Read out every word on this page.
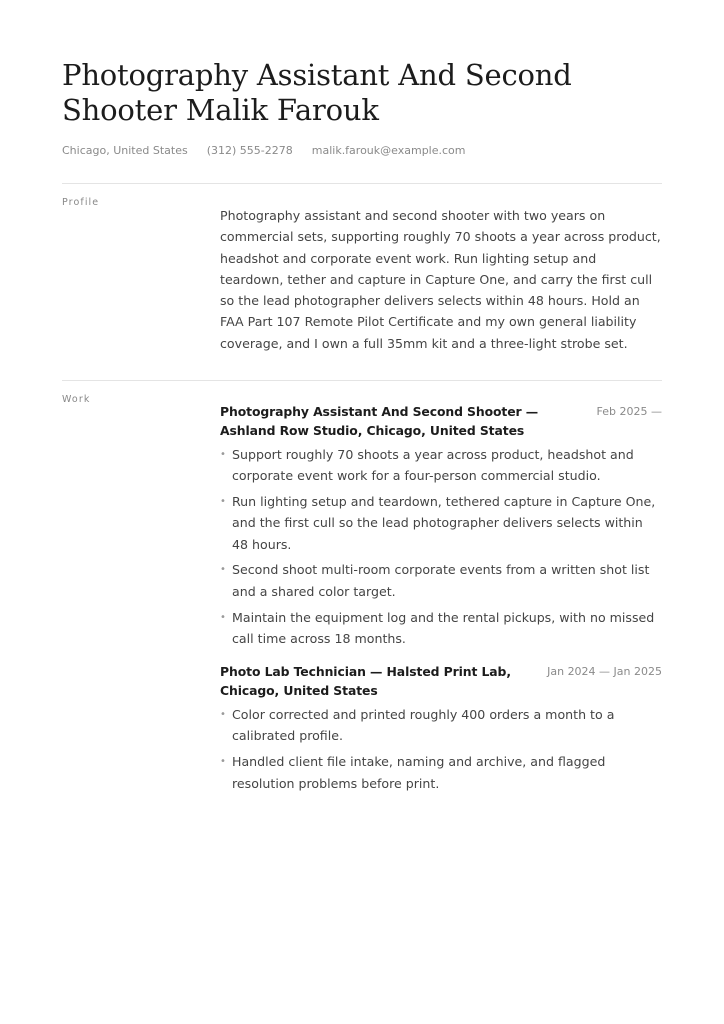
Photography Assistant And Second Shooter Malik Farouk
Chicago, United States (312) 555-2278 malik.farouk@example.com
Profile

Photography assistant and second shooter with two years on commercial sets, supporting roughly 70 shoots a year across product, headshot and corporate event work. Run lighting setup and teardown, tether and capture in Capture One, and carry the first cull so the lead photographer delivers selects within 48 hours. Hold an FAA Part 107 Remote Pilot Certificate and my own general liability coverage, and I own a full 35mm kit and a three-light strobe set.

Work
Photography Assistant And Second Shooter — Ashland Row Studio, Chicago, United States
Feb 2025 —
• Support roughly 70 shoots a year across product, headshot and corporate event work for a four-person commercial studio.
• Run lighting setup and teardown, tethered capture in Capture One, and the first cull so the lead photographer delivers selects within 48 hours.
• Second shoot multi-room corporate events from a written shot list and a shared color target.
• Maintain the equipment log and the rental pickups, with no missed call time across 18 months.
Photo Lab Technician — Halsted Print Lab, Chicago, United States
Jan 2024 — Jan 2025
• Color corrected and printed roughly 400 orders a month to a calibrated profile.
• Handled client file intake, naming and archive, and flagged resolution problems before print.
